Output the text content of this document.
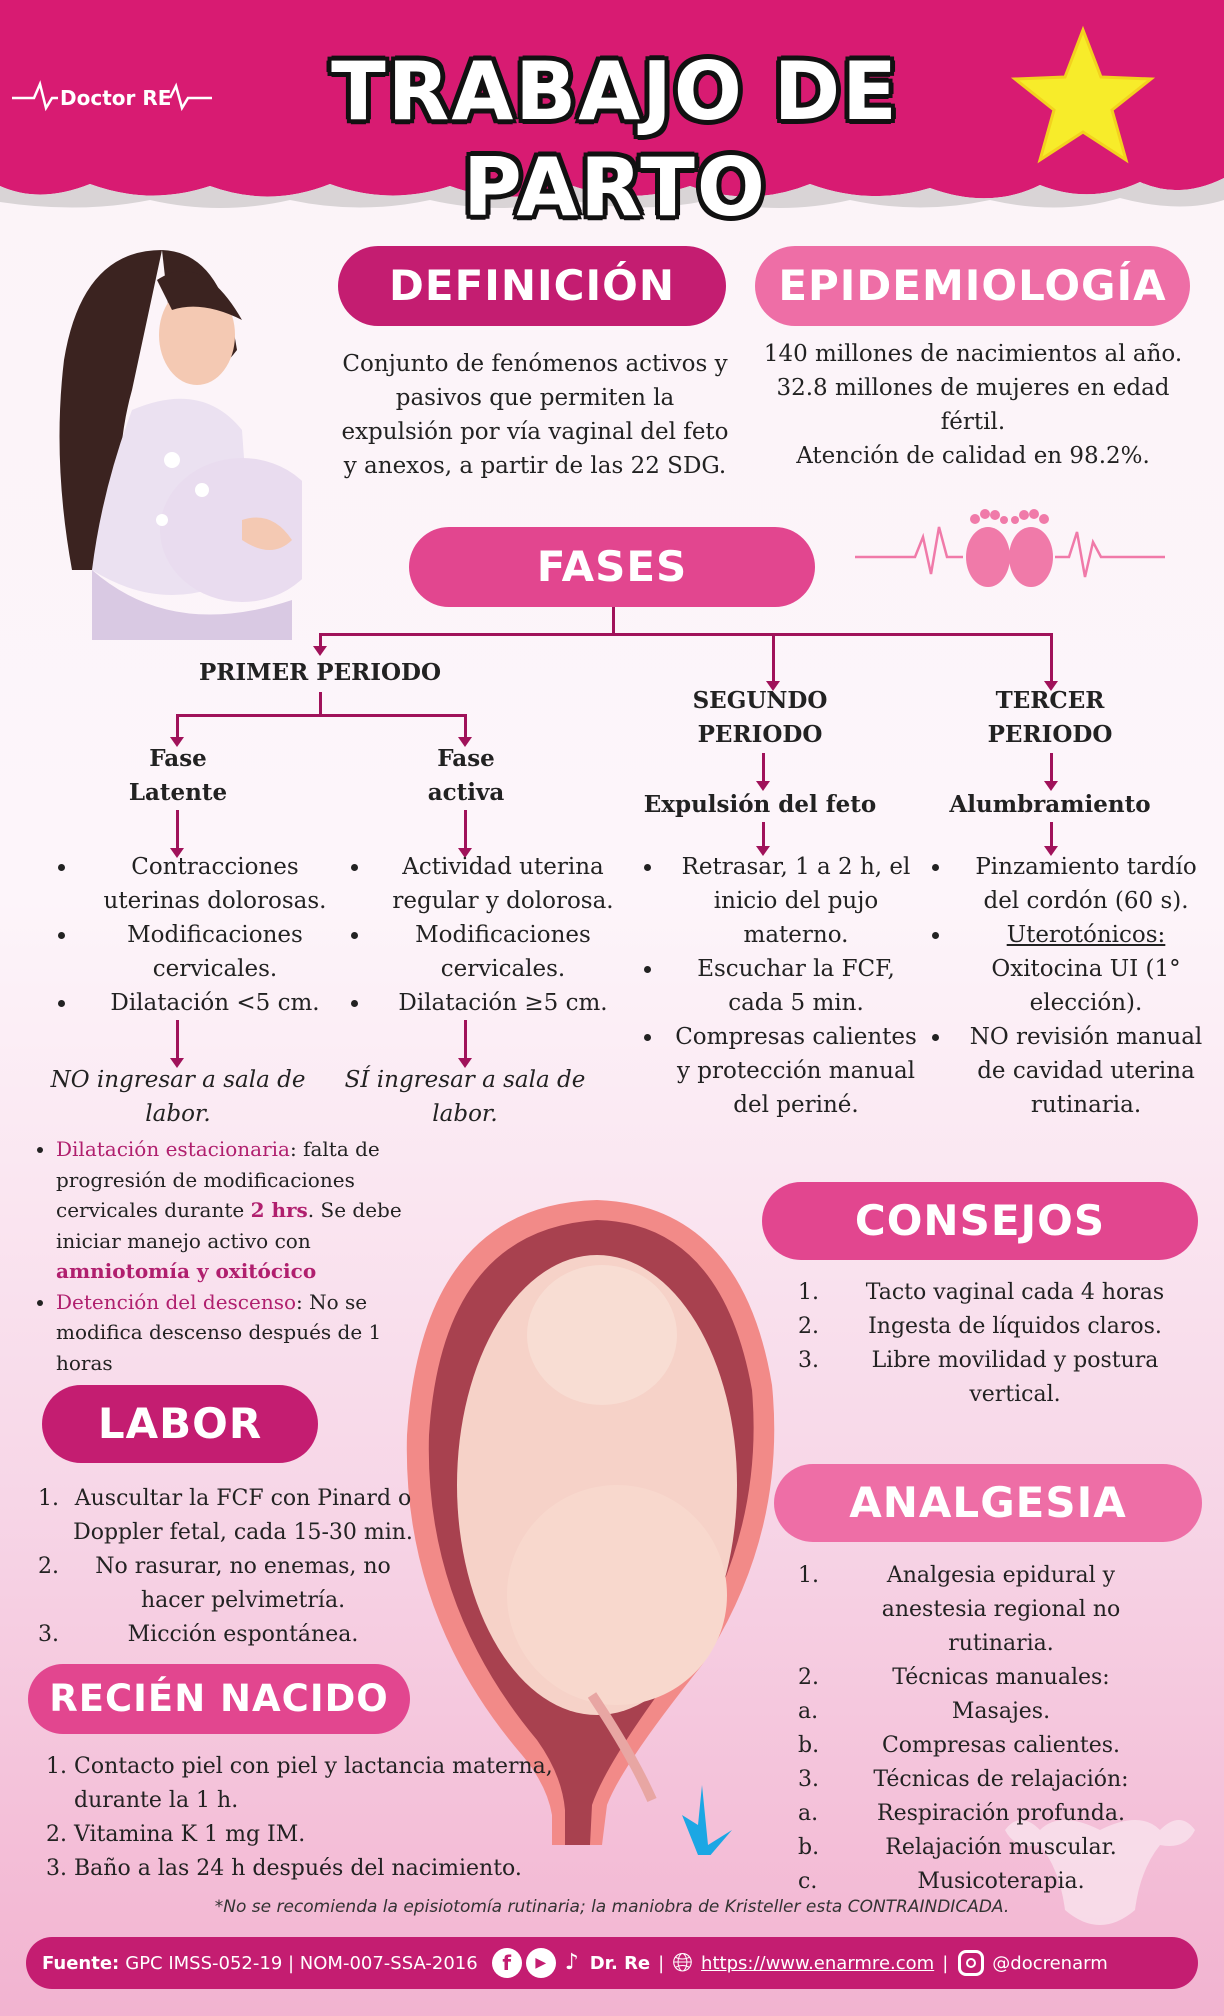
Doctor RE	TRABAJO DE PARTO
DEFINICIÓN
Conjunto de fenómenos activos y pasivos que permiten la expulsión por vía vaginal del feto y anexos, a partir de las 22 SDG.
EPIDEMIOLOGÍA
140 millones de nacimientos al año.
32.8 millones de mujeres en edad fértil.
Atención de calidad en 98.2%.
FASES
PRIMER PERIODO
Fase Latente
Fase activa
• Contracciones uterinas dolorosas.
• Modificaciones cervicales.
• Dilatación <5 cm.
• Actividad uterina regular y dolorosa.
• Modificaciones cervicales.
• Dilatación ≥5 cm.
NO ingresar a sala de labor.
SÍ ingresar a sala de labor.
SEGUNDO PERIODO
Expulsión del feto
• Retrasar, 1 a 2 h, el inicio del pujo materno.
• Escuchar la FCF, cada 5 min.
• Compresas calientes y protección manual del periné.
TERCER PERIODO
Alumbramiento
• Pinzamiento tardío del cordón (60 s).
• Uterotónicos: Oxitocina UI (1° elección).
• NO revisión manual de cavidad uterina rutinaria.
• Dilatación estacionaria: falta de progresión de modificaciones cervicales durante 2 hrs. Se debe iniciar manejo activo con amniotomía y oxitócico
• Detención del descenso: No se modifica descenso después de 1 horas
CONSEJOS
1.	Tacto vaginal cada 4 horas
2.	Ingesta de líquidos claros.
3.	Libre movilidad y postura vertical.
LABOR
1. Auscultar la FCF con Pinard o Doppler fetal, cada 15-30 min.
2.	No rasurar, no enemas, no hacer pelvimetría.
3.	Micción espontánea.
ANALGESIA
1.	Analgesia epidural y anestesia regional no rutinaria.
2.	Técnicas manuales:
a.	Masajes.
b.	Compresas calientes.
3.	Técnicas de relajación:
a.	Respiración profunda.
b.	Relajación muscular.
c.	Musicoterapia.
RECIÉN NACIDO
1. Contacto piel con piel y lactancia materna, durante la 1 h.
2. Vitamina K 1 mg IM.
3. Baño a las 24 h después del nacimiento.
*No se recomienda la episiotomía rutinaria; la maniobra de Kristeller esta CONTRAINDICADA.
Fuente: GPC IMSS-052-19 | NOM-007-SSA-2016	f	▶ ♪ Dr. Re | 🌐︎ https://www.enarmre.com | @docrenarm
